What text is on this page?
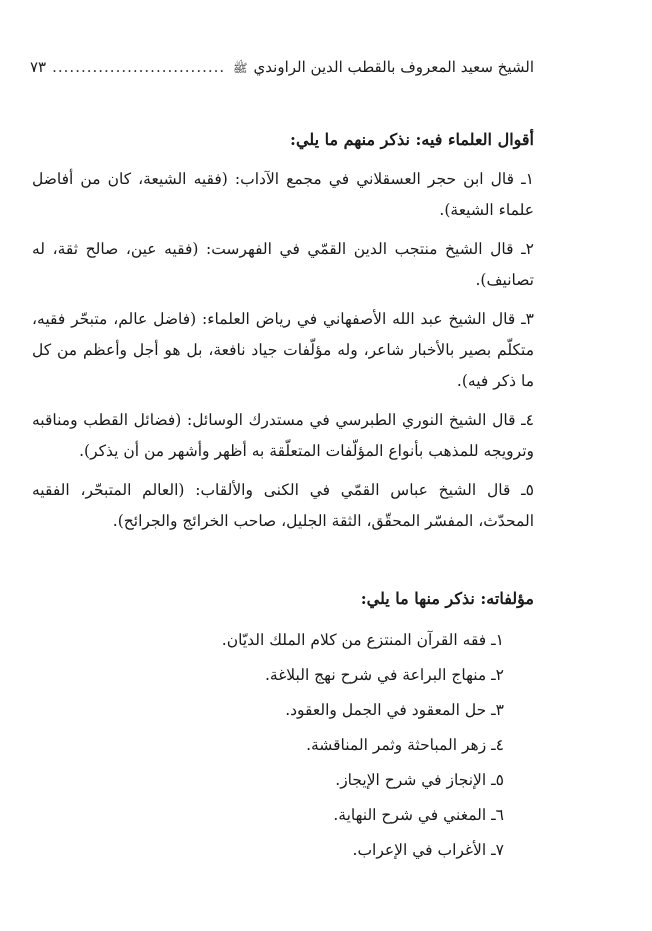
الشيخ سعيد المعروف بالقطب الدين الراوندي
ﷺ
..............................
٧٣
أقوال العلماء فيه: نذكر منهم ما يلي:

١ـ قال ابن حجر العسقلاني في مجمع الآداب: (فقيه الشيعة، كان من أفاضل علماء الشيعة).

٢ـ قال الشيخ منتجب الدين القمّي في الفهرست: (فقيه عين، صالح ثقة، له تصانيف).

٣ـ قال الشيخ عبد الله الأصفهاني في رياض العلماء: (فاضل عالم، متبحّر فقيه، متكلّم بصير بالأخبار شاعر، وله مؤلّفات جياد نافعة، بل هو أجل وأعظم من كل ما ذكر فيه).

٤ـ قال الشيخ النوري الطبرسي في مستدرك الوسائل: (فضائل القطب ومناقبه وترويجه للمذهب بأنواع المؤلّفات المتعلّقة به أظهر وأشهر من أن يذكر).

٥ـ قال الشيخ عباس القمّي في الكنى والألقاب: (العالم المتبحّر، الفقيه المحدّث، المفسّر المحقّق، الثقة الجليل، صاحب الخرائج والجرائح).

مؤلفاته: نذكر منها ما يلي:
١ـ فقه القرآن المنتزع من كلام الملك الديّان.
٢ـ منهاج البراعة في شرح نهج البلاغة.
٣ـ حل المعقود في الجمل والعقود.
٤ـ زهر المباحثة وثمر المناقشة.
٥ـ الإنجاز في شرح الإيجاز.
٦ـ المغني في شرح النهاية.
٧ـ الأغراب في الإعراب.
